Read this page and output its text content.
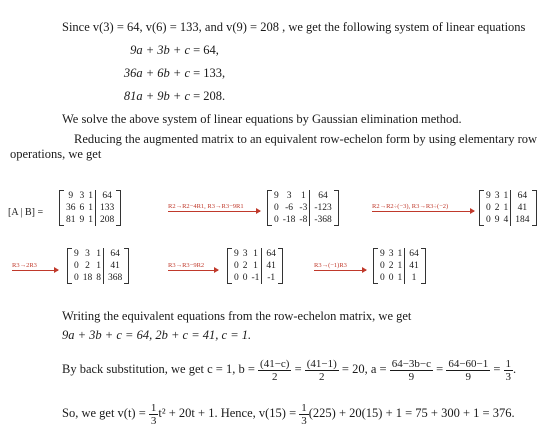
Since v(3) = 64, v(6) = 133, and v(9) = 208 , we get the following system of linear equations
9a + 3b + c = 64,
36a + 6b + c = 133,
81a + 9b + c = 208.
We solve the above system of linear equations by Gaussian elimination method.
Reducing the augmented matrix to an equivalent row-echelon form by using elementary row
operations, we get
[A | B] =
9	3	1	64
36	6	1	133
81	9	1	208
R2→R2−4R1, R3→R3−9R1
9	3	1	64
0	-6	-3	-123
0	-18	-8	-368
R2→R2÷(−3), R3→R3÷(−2)
9	3	1	64
0	2	1	41
0	9	4	184
R3→2R3
9	3	1	64
0	2	1	41
0	18	8	368
R3→R3−9R2
9	3	1	64
0	2	1	41
0	0	-1	-1
R3→(−1)R3
9	3	1	64
0	2	1	41
0	0	1	1
Writing the equivalent equations from the row-echelon matrix, we get
9a + 3b + c = 64, 2b + c = 41, c = 1.
By back substitution, we get c = 1, $b = \frac{(41-c)}{2} = \frac{(41-1)}{2} = 20$, $a = \frac{64-3b-c}{9} = \frac{64-60-1}{9} = \frac{1}{3}$ .
So, we get $v(t) = \frac{1}{3} t^2 + 20t + 1$. Hence, $v(15) = \frac{1}{3} (225) + 20(15) + 1 = 75 + 300 + 1 = 376$.
